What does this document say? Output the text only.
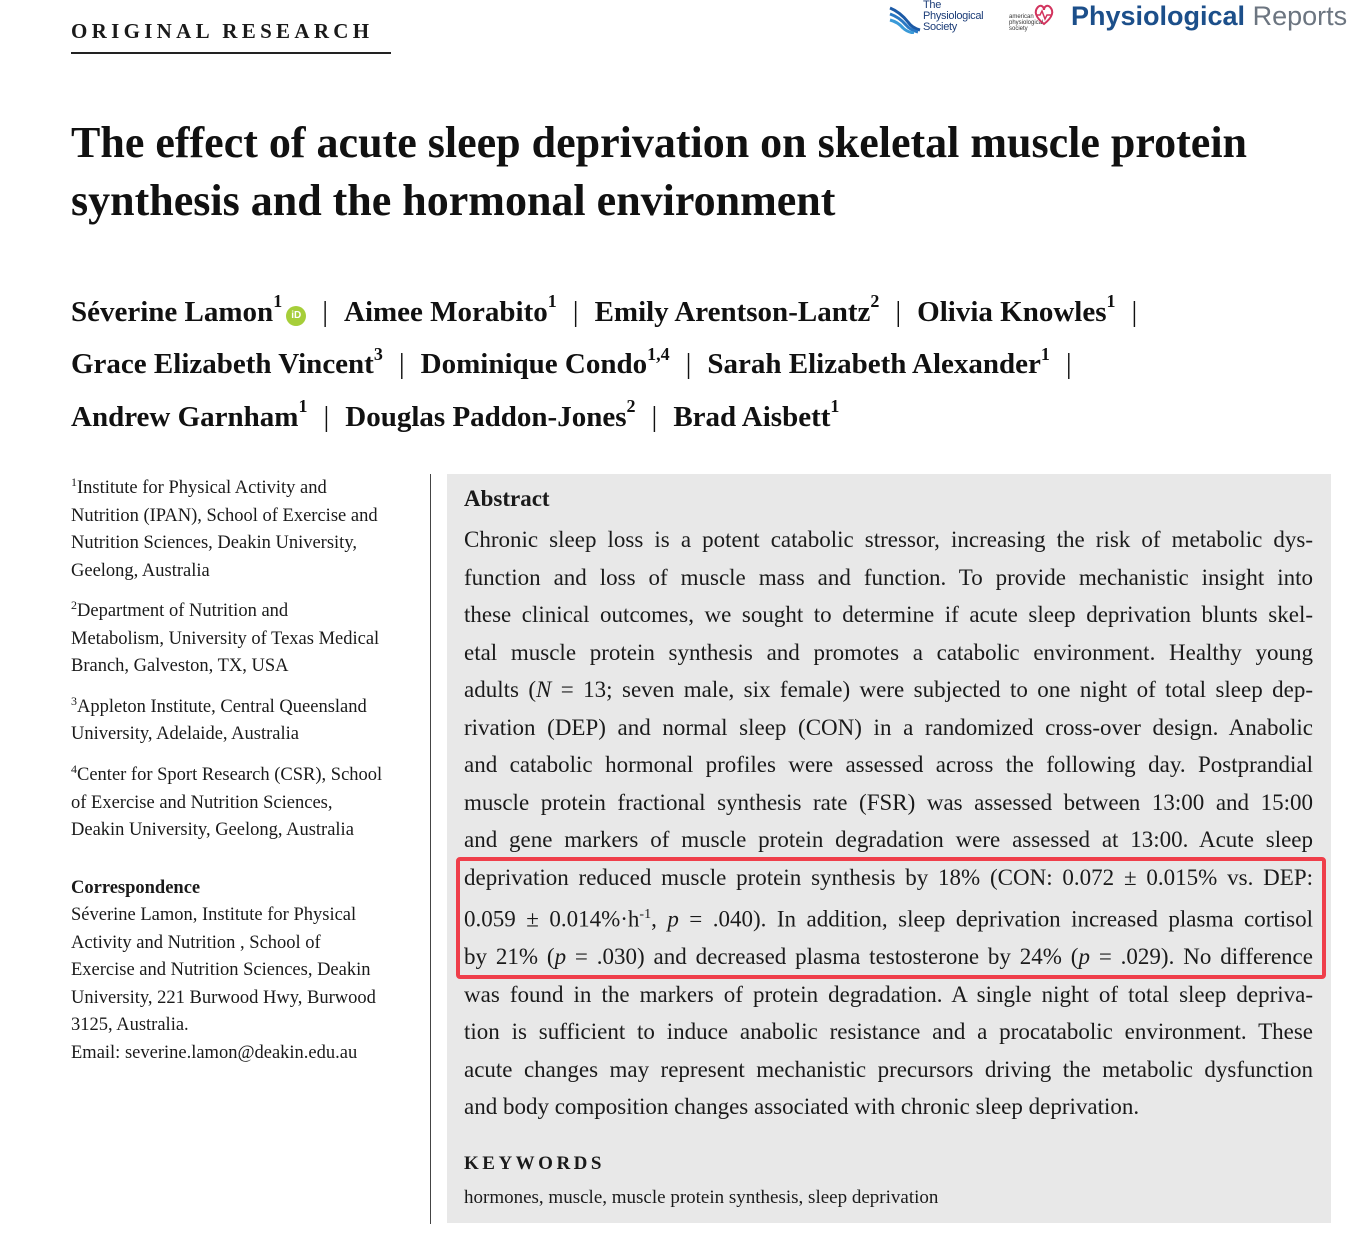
ORIGINAL RESEARCH
The Physiological Society
american physiological society	Physiological Reports
The effect of acute sleep deprivation on skeletal muscle protein synthesis and the hormonal environment
Séverine Lamon$^1$iD | Aimee Morabito$^1$ | Emily Arentson-Lantz$^2$ | Olivia Knowles$^1$ |
Grace Elizabeth Vincent$^3$ | Dominique Condo$^{1,4}$ | Sarah Elizabeth Alexander$^1$ |
Andrew Garnham$^1$ | Douglas Paddon-Jones$^2$ | Brad Aisbett$^1$
$^1$Institute for Physical Activity and
Nutrition (IPAN), School of Exercise and
Nutrition Sciences, Deakin University,
Geelong, Australia
$^2$Department of Nutrition and
Metabolism, University of Texas Medical
Branch, Galveston, TX, USA
$^3$Appleton Institute, Central Queensland
University, Adelaide, Australia
$^4$Center for Sport Research (CSR), School
of Exercise and Nutrition Sciences,
Deakin University, Geelong, Australia
Correspondence
Séverine Lamon, Institute for Physical
Activity and Nutrition , School of
Exercise and Nutrition Sciences, Deakin
University, 221 Burwood Hwy, Burwood
3125, Australia.
Email: severine.lamon@deakin.edu.au
Abstract
Chronic sleep loss is a potent catabolic stressor, increasing the risk of metabolic dys-
function and loss of muscle mass and function. To provide mechanistic insight into
these clinical outcomes, we sought to determine if acute sleep deprivation blunts skel-
etal muscle protein synthesis and promotes a catabolic environment. Healthy young
adults (N = 13; seven male, six female) were subjected to one night of total sleep dep-
rivation (DEP) and normal sleep (CON) in a randomized cross-over design. Anabolic
and catabolic hormonal profiles were assessed across the following day. Postprandial
muscle protein fractional synthesis rate (FSR) was assessed between 13:00 and 15:00
and gene markers of muscle protein degradation were assessed at 13:00. Acute sleep
deprivation reduced muscle protein synthesis by 18% (CON: 0.072 ± 0.015% vs. DEP:
$0.059 \pm 0.014\%\cdot h^{-1}$, p = .040). In addition, sleep deprivation increased plasma cortisol
by 21% (p = .030) and decreased plasma testosterone by 24% (p = .029). No difference
was found in the markers of protein degradation. A single night of total sleep depriva-
tion is sufficient to induce anabolic resistance and a procatabolic environment. These
acute changes may represent mechanistic precursors driving the metabolic dysfunction
and body composition changes associated with chronic sleep deprivation.
KEYWORDS
hormones, muscle, muscle protein synthesis, sleep deprivation
